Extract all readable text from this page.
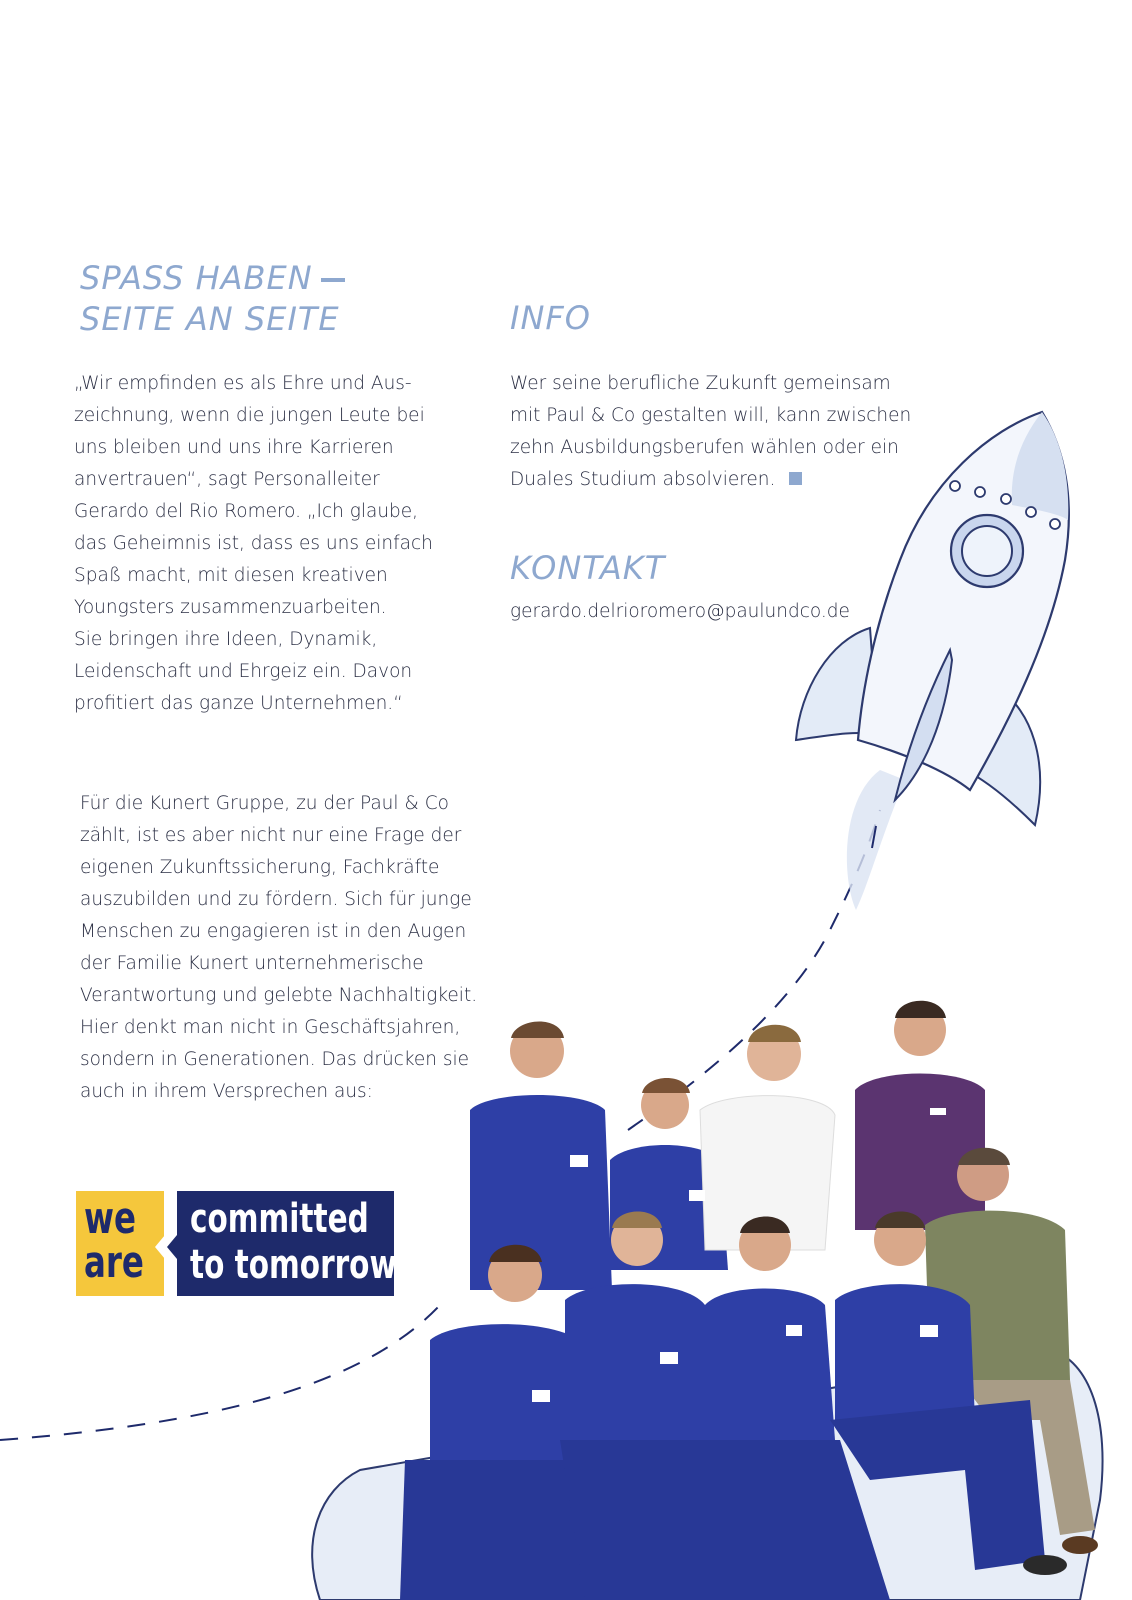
SPASS HABEN
SEITE AN SEITE

„Wir empfinden es als Ehre und Aus-
zeichnung, wenn die jungen Leute bei
uns bleiben und uns ihre Karrieren
anvertrauen“, sagt Personalleiter
Gerardo del Rio Romero. „Ich glaube,
das Geheimnis ist, dass es uns einfach
Spaß macht, mit diesen kreativen
Youngsters zusammenzuarbeiten.
Sie bringen ihre Ideen, Dynamik,
Leidenschaft und Ehrgeiz ein. Davon
profitiert das ganze Unternehmen.“

Für die Kunert Gruppe, zu der Paul & Co
zählt, ist es aber nicht nur eine Frage der
eigenen Zukunftssicherung, Fachkräfte
auszubilden und zu fördern. Sich für junge
Menschen zu engagieren ist in den Augen
der Familie Kunert unternehmerische
Verantwortung und gelebte Nachhaltigkeit.
Hier denkt man nicht in Geschäftsjahren,
sondern in Generationen. Das drücken sie
auch in ihrem Versprechen aus:

INFO

Wer seine berufliche Zukunft gemeinsam
mit Paul & Co gestalten will, kann zwischen
zehn Ausbildungsberufen wählen oder ein
Duales Studium absolvieren.

KONTAKT

gerardo.delrioromero@paulundco.de

we
are
committed
to tomorrow
